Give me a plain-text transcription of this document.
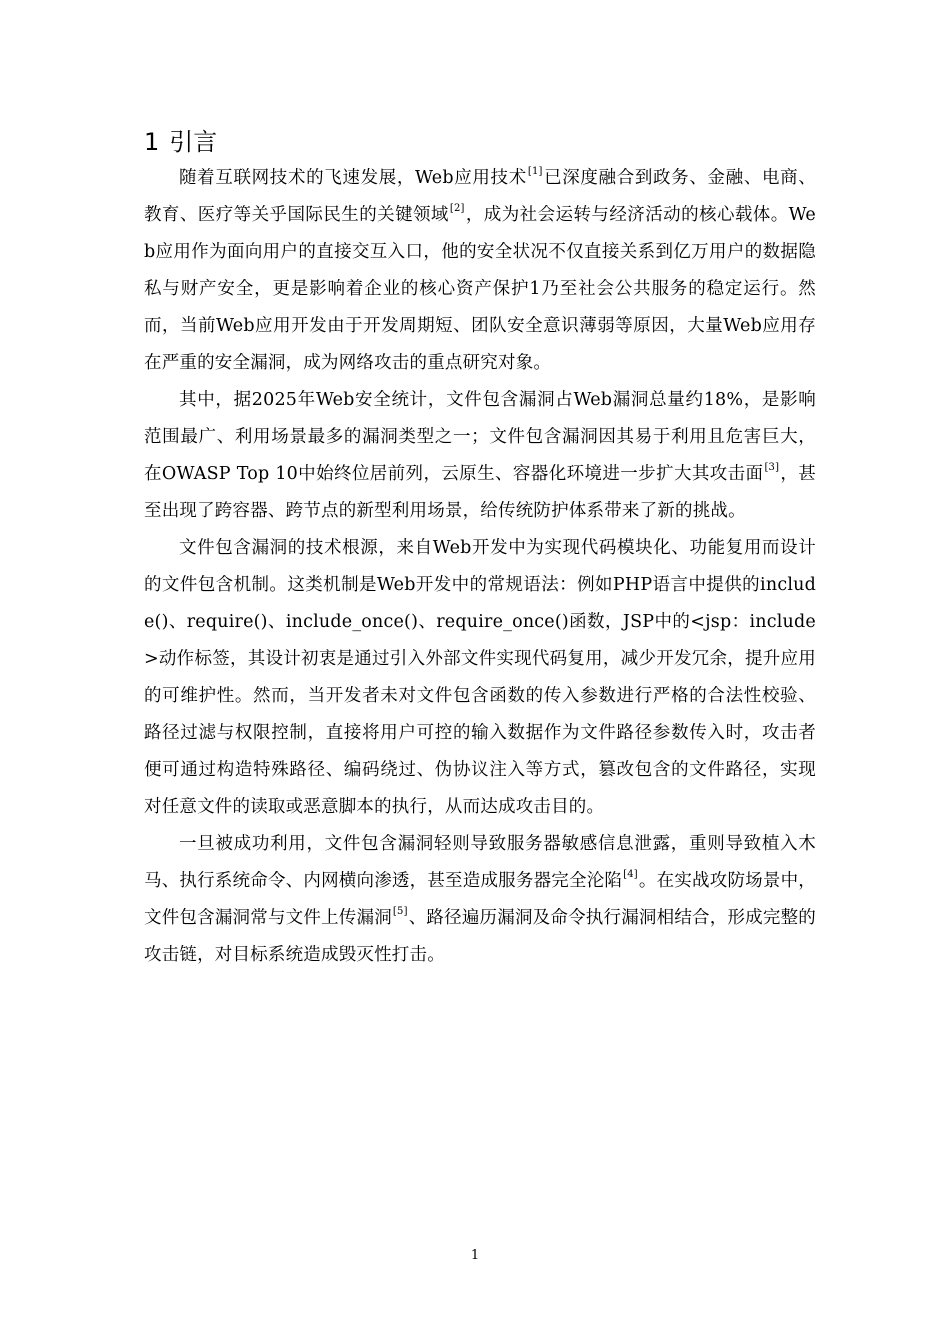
1 引言

随着互联网技术的飞速发展，Web应用技术[1]已深度融合到政务、金融、电商、教育、医疗等关乎国际民生的关键领域[2]，成为社会运转与经济活动的核心载体。Web应用作为面向用户的直接交互入口，他的安全状况不仅直接关系到亿万用户的数据隐私与财产安全，更是影响着企业的核心资产保护1乃至社会公共服务的稳定运行。然而，当前Web应用开发由于开发周期短、团队安全意识薄弱等原因，大量Web应用存在严重的安全漏洞，成为网络攻击的重点研究对象。

其中，据2025年Web安全统计，文件包含漏洞占Web漏洞总量约18%，是影响范围最广、利用场景最多的漏洞类型之一；文件包含漏洞因其易于利用且危害巨大，在OWASP Top 10中始终位居前列，云原生、容器化环境进一步扩大其攻击面[3]，甚至出现了跨容器、跨节点的新型利用场景，给传统防护体系带来了新的挑战。

文件包含漏洞的技术根源，来自Web开发中为实现代码模块化、功能复用而设计的文件包含机制。这类机制是Web开发中的常规语法：例如PHP语言中提供的include()、require()、include_once()、require_once()函数，JSP中的<jsp：include>动作标签，其设计初衷是通过引入外部文件实现代码复用，减少开发冗余，提升应用的可维护性。然而，当开发者未对文件包含函数的传入参数进行严格的合法性校验、路径过滤与权限控制，直接将用户可控的输入数据作为文件路径参数传入时，攻击者便可通过构造特殊路径、编码绕过、伪协议注入等方式，篡改包含的文件路径，实现对任意文件的读取或恶意脚本的执行，从而达成攻击目的。

一旦被成功利用，文件包含漏洞轻则导致服务器敏感信息泄露，重则导致植入木马、执行系统命令、内网横向渗透，甚至造成服务器完全沦陷[4]。在实战攻防场景中，文件包含漏洞常与文件上传漏洞[5]、路径遍历漏洞及命令执行漏洞相结合，形成完整的攻击链，对目标系统造成毁灭性打击。

1
